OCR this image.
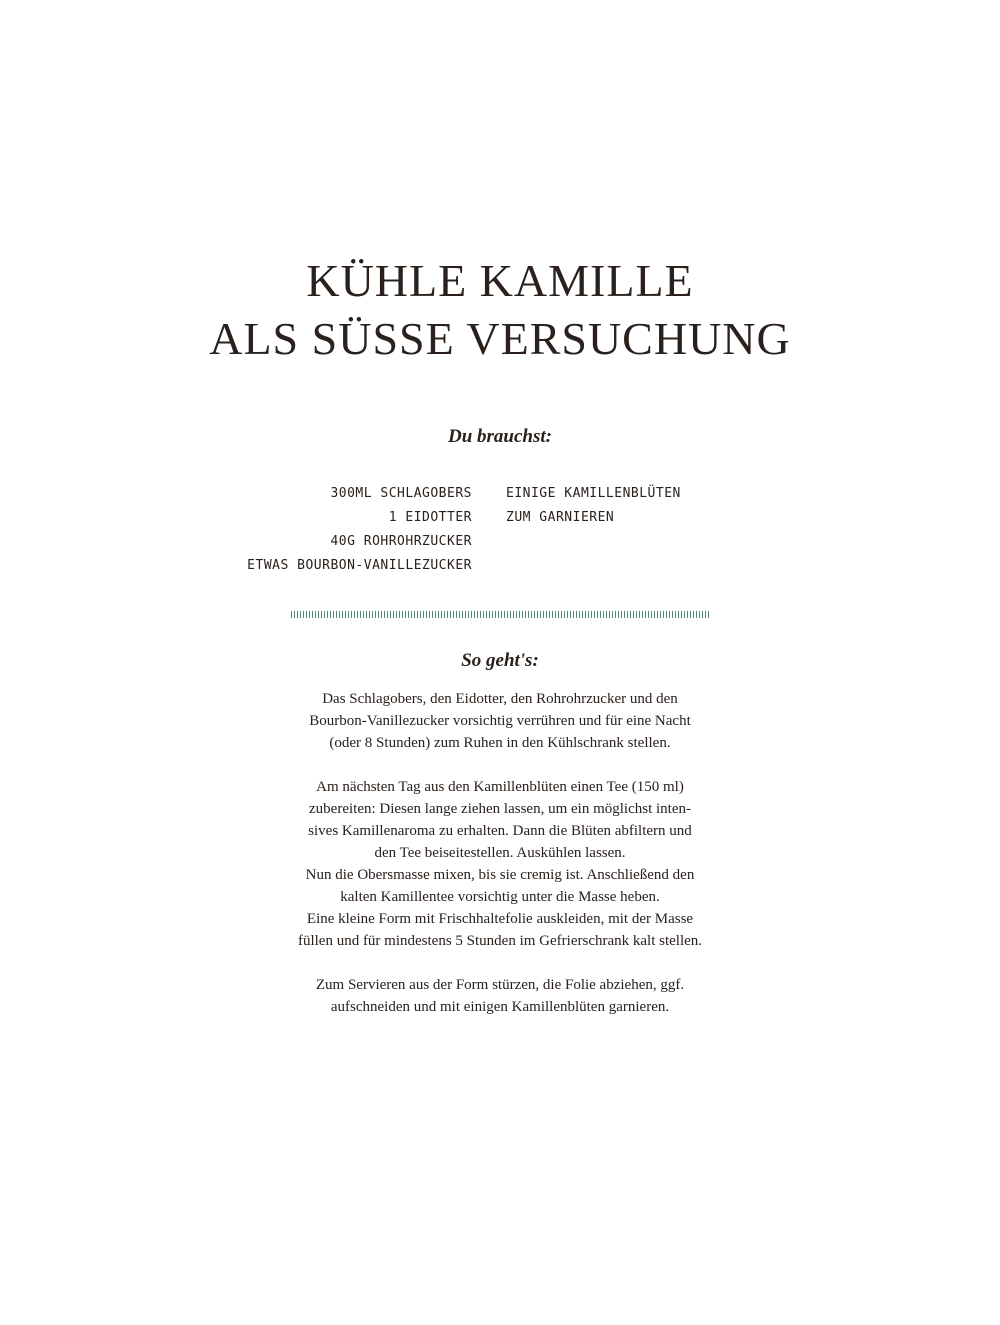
KÜHLE KAMILLE
ALS SÜSSE VERSUCHUNG
Du brauchst:
300ML SCHLAGOBERS
1 EIDOTTER
40G ROHROHRZUCKER
ETWAS BOURBON-VANILLEZUCKER
EINIGE KAMILLENBLÜTEN
ZUM GARNIEREN
So geht's:

Das Schlagobers, den Eidotter, den Rohrohrzucker und den
Bourbon-Vanillezucker vorsichtig verrühren und für eine Nacht
(oder 8 Stunden) zum Ruhen in den Kühlschrank stellen.

Am nächsten Tag aus den Kamillenblüten einen Tee (150 ml)
zubereiten: Diesen lange ziehen lassen, um ein möglichst inten-
sives Kamillenaroma zu erhalten. Dann die Blüten abfiltern und
den Tee beiseitestellen. Auskühlen lassen.
Nun die Obersmasse mixen, bis sie cremig ist. Anschließend den
kalten Kamillentee vorsichtig unter die Masse heben.
Eine kleine Form mit Frischhaltefolie auskleiden, mit der Masse
füllen und für mindestens 5 Stunden im Gefrierschrank kalt stellen.

Zum Servieren aus der Form stürzen, die Folie abziehen, ggf.
aufschneiden und mit einigen Kamillenblüten garnieren.
